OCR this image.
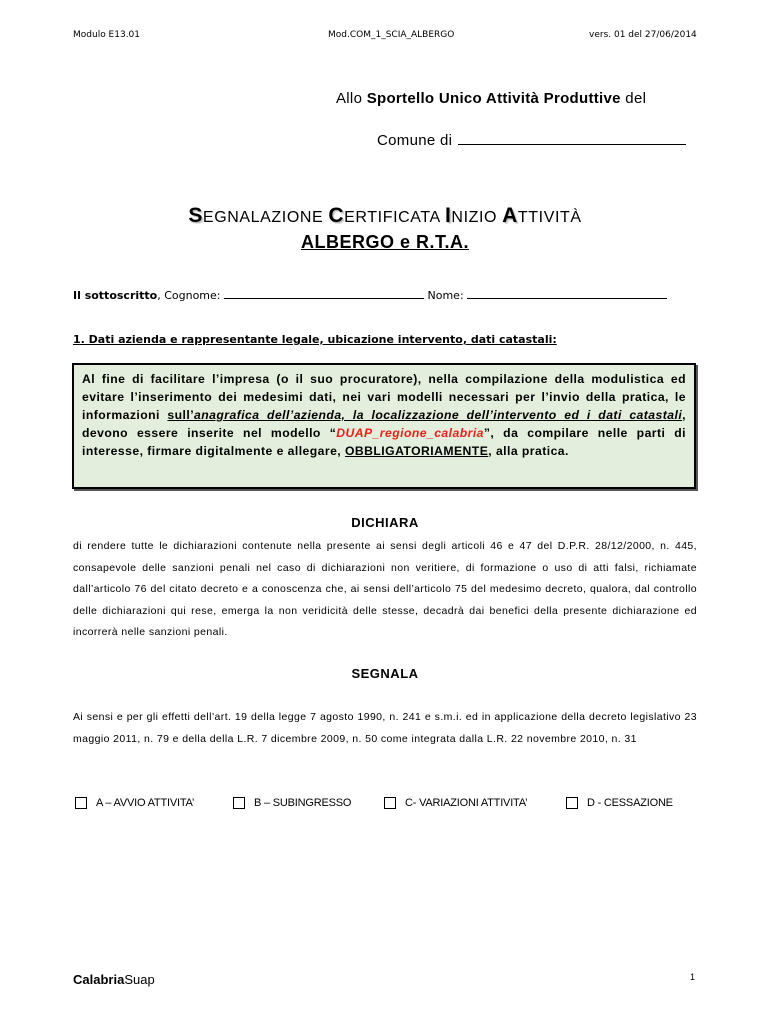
Modulo E13.01	Mod.COM_1_SCIA_ALBERGO	vers. 01 del 27/06/2014
Allo Sportello Unico Attività Produttive del
Comune di
SEGNALAZIONE CERTIFICATA INIZIO ATTIVITÀ
ALBERGO e R.T.A.
Il sottoscritto, Cognome:	Nome:
1. Dati azienda e rappresentante legale, ubicazione intervento, dati catastali:

Al fine di facilitare l’impresa (o il suo procuratore), nella compilazione della modulistica ed evitare l’inserimento dei medesimi dati, nei vari modelli necessari per l’invio della pratica, le informazioni sull’anagrafica dell’azienda, la localizzazione dell’intervento ed i dati catastali, devono essere inserite nel modello “DUAP_regione_calabria”, da compilare nelle parti di interesse, firmare digitalmente e allegare, OBBLIGATORIAMENTE, alla pratica.

DICHIARA
di rendere tutte le dichiarazioni contenute nella presente ai sensi degli articoli 46 e 47 del D.P.R. 28/12/2000, n. 445, consapevole delle sanzioni penali nel caso di dichiarazioni non veritiere, di formazione o uso di atti falsi, richiamate dall’articolo 76 del citato decreto e a conoscenza che, ai sensi dell’articolo 75 del medesimo decreto, qualora, dal controllo delle dichiarazioni qui rese, emerga la non veridicità delle stesse, decadrà dai benefici della presente dichiarazione ed incorrerà nelle sanzioni penali.
SEGNALA
Ai sensi e per gli effetti dell’art. 19 della legge 7 agosto 1990, n. 241 e s.m.i. ed in applicazione della decreto legislativo 23 maggio 2011, n. 79 e della della L.R. 7 dicembre 2009, n. 50 come integrata dalla L.R. 22 novembre 2010, n. 31
A – AVVIO ATTIVITA’	B – SUBINGRESSO	C- VARIAZIONI ATTIVITA’	D - CESSAZIONE
CalabriaSuap	1
